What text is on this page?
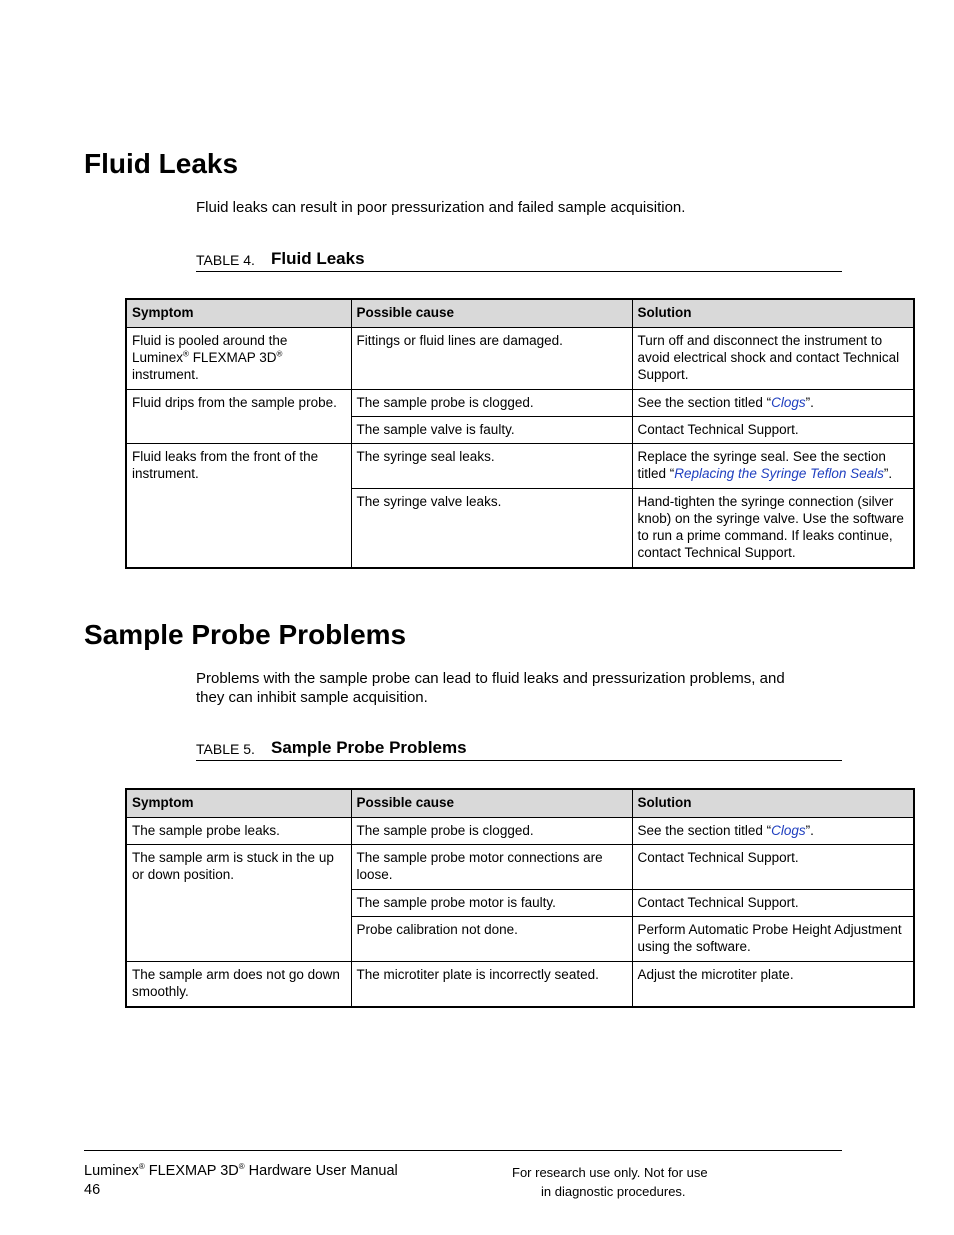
Fluid Leaks

Fluid leaks can result in poor pressurization and failed sample acquisition.

TABLE 4. Fluid Leaks
Symptom	Possible cause	Solution
Fluid is pooled around the Luminex® FLEXMAP 3D® instrument.	Fittings or fluid lines are damaged.	Turn off and disconnect the instrument to avoid electrical shock and contact Technical Support.
Fluid drips from the sample probe.	The sample probe is clogged.	See the section titled “Clogs”.
	The sample valve is faulty.	Contact Technical Support.
Fluid leaks from the front of the instrument.	The syringe seal leaks.	Replace the syringe seal. See the section titled “Replacing the Syringe Teflon Seals”.
	The syringe valve leaks.	Hand-tighten the syringe connection (silver knob) on the syringe valve. Use the software to run a prime command. If leaks continue, contact Technical Support.
Sample Probe Problems

Problems with the sample probe can lead to fluid leaks and pressurization problems, and they can inhibit sample acquisition.

TABLE 5. Sample Probe Problems
Symptom	Possible cause	Solution
The sample probe leaks.	The sample probe is clogged.	See the section titled “Clogs”.
The sample arm is stuck in the up or down position.	The sample probe motor connections are loose.	Contact Technical Support.
	The sample probe motor is faulty.	Contact Technical Support.
	Probe calibration not done.	Perform Automatic Probe Height Adjustment using the software.
The sample arm does not go down smoothly.	The microtiter plate is incorrectly seated.	Adjust the microtiter plate.
Luminex® FLEXMAP 3D® Hardware User Manual
46
For research use only. Not for use
in diagnostic procedures.
